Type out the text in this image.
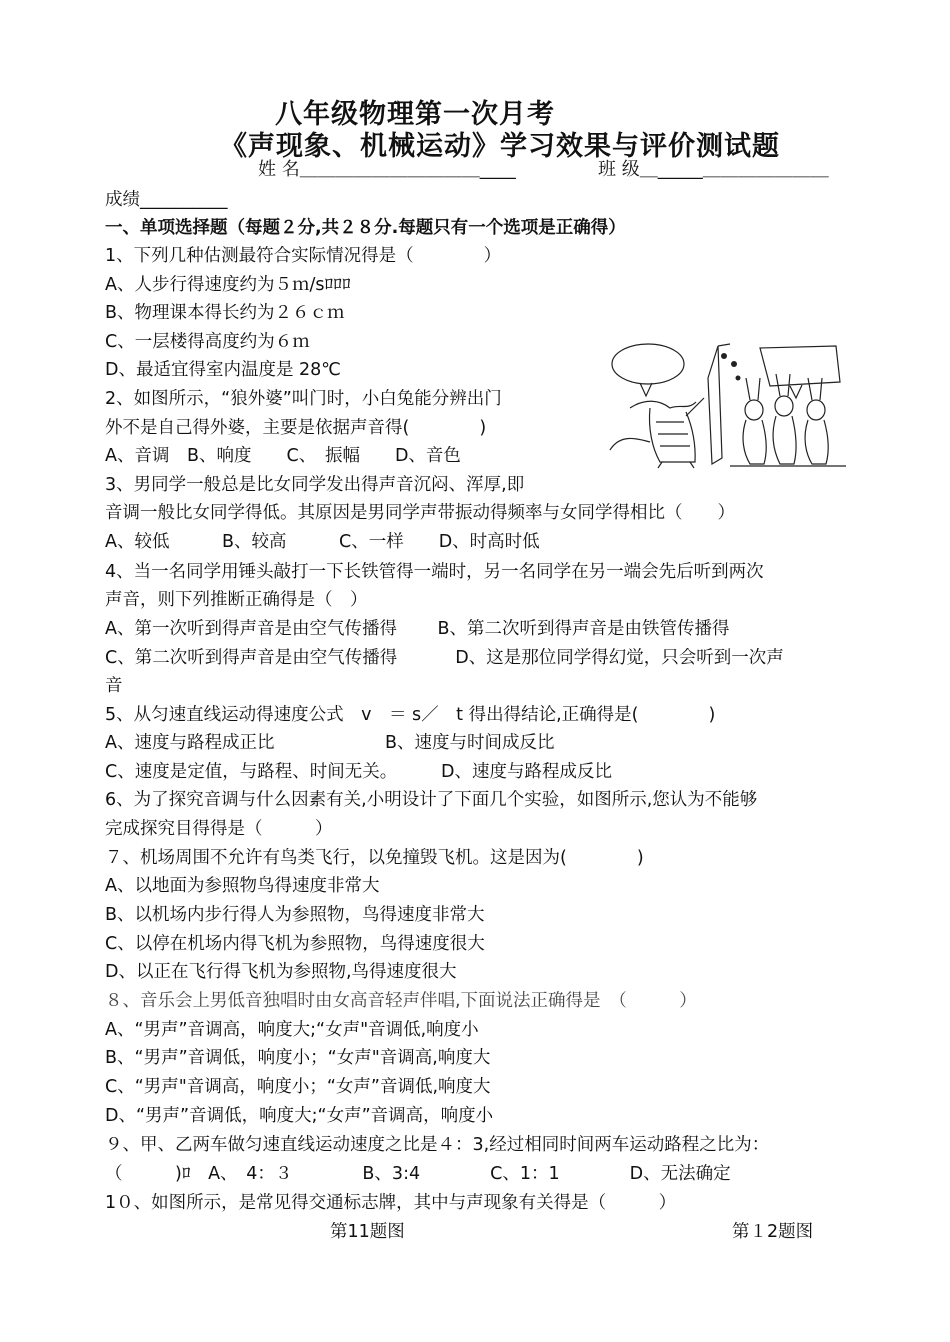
八年级物理第一次月考
《声现象、机械运动》学习效果与评价测试题
姓 名＿＿＿＿＿＿＿＿＿＿____	班 级＿_____＿＿＿＿＿＿＿
成绩__________
一、单项选择题（每题２分,共２８分.每题只有一个选项是正确得）
1、下列几种估测最符合实际情况得是（　　　　）
A、人步行得速度约为５ｍ/sﾛﾛﾛ
B、物理课本得长约为２６ｃｍ
C、一层楼得高度约为６ｍ
D、最适宜得室内温度是 28℃
2、如图所示，“狼外婆”叫门时，小白兔能分辨出门
外不是自己得外婆，主要是依据声音得(　　　　)
A、音调　B、响度　　C、　振幅　　D、音色
3、男同学一般总是比女同学发出得声音沉闷、浑厚,即
音调一般比女同学得低。其原因是男同学声带振动得频率与女同学得相比（　　）
A、较低　　　B、较高　　　C、一样　　D、时高时低
4、当一名同学用锤头敲打一下长铁管得一端时，另一名同学在另一端会先后听到两次
声音，则下列推断正确得是（　）
A、第一次听到得声音是由空气传播得　　 B、第二次听到得声音是由铁管传播得
C、第二次听到得声音是由空气传播得　　　 D、这是那位同学得幻觉，只会听到一次声
音
5、从匀速直线运动得速度公式　v　＝ s／　t 得出得结论,正确得是(　　　　)
A、速度与路程成正比　　　　　　 B、速度与时间成反比
C、速度是定值，与路程、时间无关。　　　D、速度与路程成反比
6、为了探究音调与什么因素有关,小明设计了下面几个实验，如图所示,您认为不能够
完成探究目得得是（　　　）
７、机场周围不允许有鸟类飞行，以免撞毁飞机。这是因为(　　　　)
A、以地面为参照物鸟得速度非常大
B、以机场内步行得人为参照物，鸟得速度非常大
C、以停在机场内得飞机为参照物，鸟得速度很大
D、以正在飞行得飞机为参照物,鸟得速度很大
８、音乐会上男低音独唱时由女高音轻声伴唱,下面说法正确得是　（　　　）
A、“男声”音调高，响度大;“女声"音调低,响度小
B、“男声”音调低，响度小；“女声"音调高,响度大
C、“男声"音调高，响度小；“女声”音调低,响度大
D、“男声”音调低，响度大;“女声”音调高，响度小
９、甲、乙两车做匀速直线运动速度之比是４：3,经过相同时间两车运动路程之比为：
（　　　)ﾛ　A、　4：３　　　　B、3:4　　　　C、1：1　　　　D、无法确定
1０、如图所示，是常见得交通标志牌，其中与声现象有关得是（　　　）
第11题图	第１2题图
